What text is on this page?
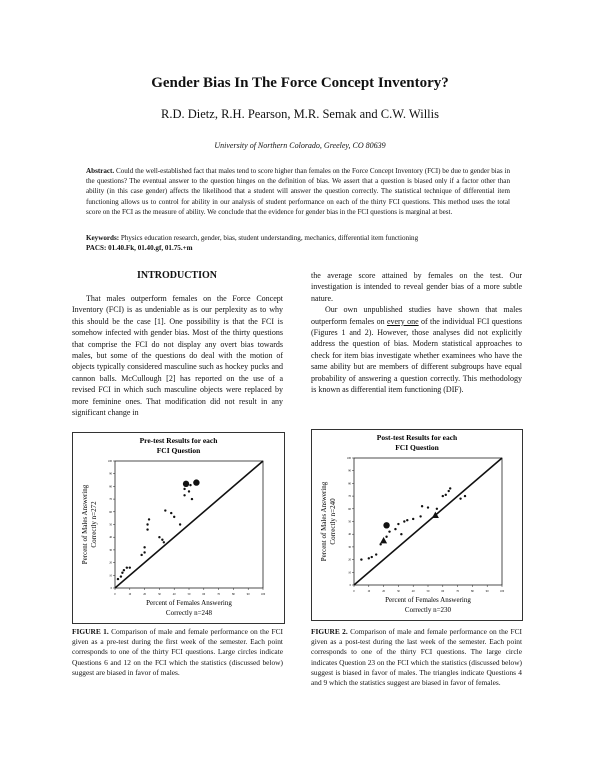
Gender Bias In The Force Concept Inventory?
R.D. Dietz, R.H. Pearson, M.R. Semak and C.W. Willis
University of Northern Colorado, Greeley, CO 80639
Abstract. Could the well-established fact that males tend to score higher than females on the Force Concept Inventory (FCI) be due to gender bias in the questions? The eventual answer to the question hinges on the definition of bias. We assert that a question is biased only if a factor other than ability (in this case gender) affects the likelihood that a student will answer the question correctly. The statistical technique of differential item functioning allows us to control for ability in our analysis of student performance on each of the thirty FCI questions. This method uses the total score on the FCI as the measure of ability. We conclude that the evidence for gender bias in the FCI questions is marginal at best.
Keywords: Physics education research, gender, bias, student understanding, mechanics, differential item functioning
PACS: 01.40.Fk, 01.40.gf, 01.75.+m
INTRODUCTION

That males outperform females on the Force Concept Inventory (FCI) is as undeniable as is our perplexity as to why this should be the case [1]. One possibility is that the FCI is somehow infected with gender bias. Most of the thirty questions that comprise the FCI do not display any overt bias towards males, but some of the questions do deal with the motion of objects typically considered masculine such as hockey pucks and cannon balls. McCullough [2] has reported on the use of a revised FCI in which such masculine objects were replaced by more feminine ones. That modification did not result in any significant change in

the average score attained by females on the test. Our investigation is intended to reveal gender bias of a more subtle nature.

Our own unpublished studies have shown that males outperform females on every one of the individual FCI questions (Figures 1 and 2). However, those analyses did not explicitly address the question of bias. Modern statistical approaches to check for item bias investigate whether examinees who have the same ability but are members of different subgroups have equal probability of answering a question correctly. This methodology is known as differential item functioning (DIF).

Pre-test Results for each
FCI Question
0	10	20	30	40	50	60	70	80	90	100
0
10
20
30
40
50
60
70
80
90
100
Percent of Females Answering
Correctly n=248
Percent of Males Answering Correctly n=272
FIGURE 1. Comparison of male and female performance on the FCI given as a pre-test during the first week of the semester. Each point corresponds to one of the thirty FCI questions. Large circles indicate Questions 6 and 12 on the FCI which the statistics (discussed below) suggest are biased in favor of males.
Post-test Results for each
FCI Question
0	10	20	30	40	50	60	70	80	90	100
0
10
20
30
40
50
60
70
80
90
100
Percent of Females Answering
Correctly n=230
Percent of Males Answering Correctly n=240
FIGURE 2. Comparison of male and female performance on the FCI given as a post-test during the last week of the semester. Each point corresponds to one of the thirty FCI questions. The large circle indicates Question 23 on the FCI which the statistics (discussed below) suggest is biased in favor of males. The triangles indicate Questions 4 and 9 which the statistics suggest are biased in favor of females.
